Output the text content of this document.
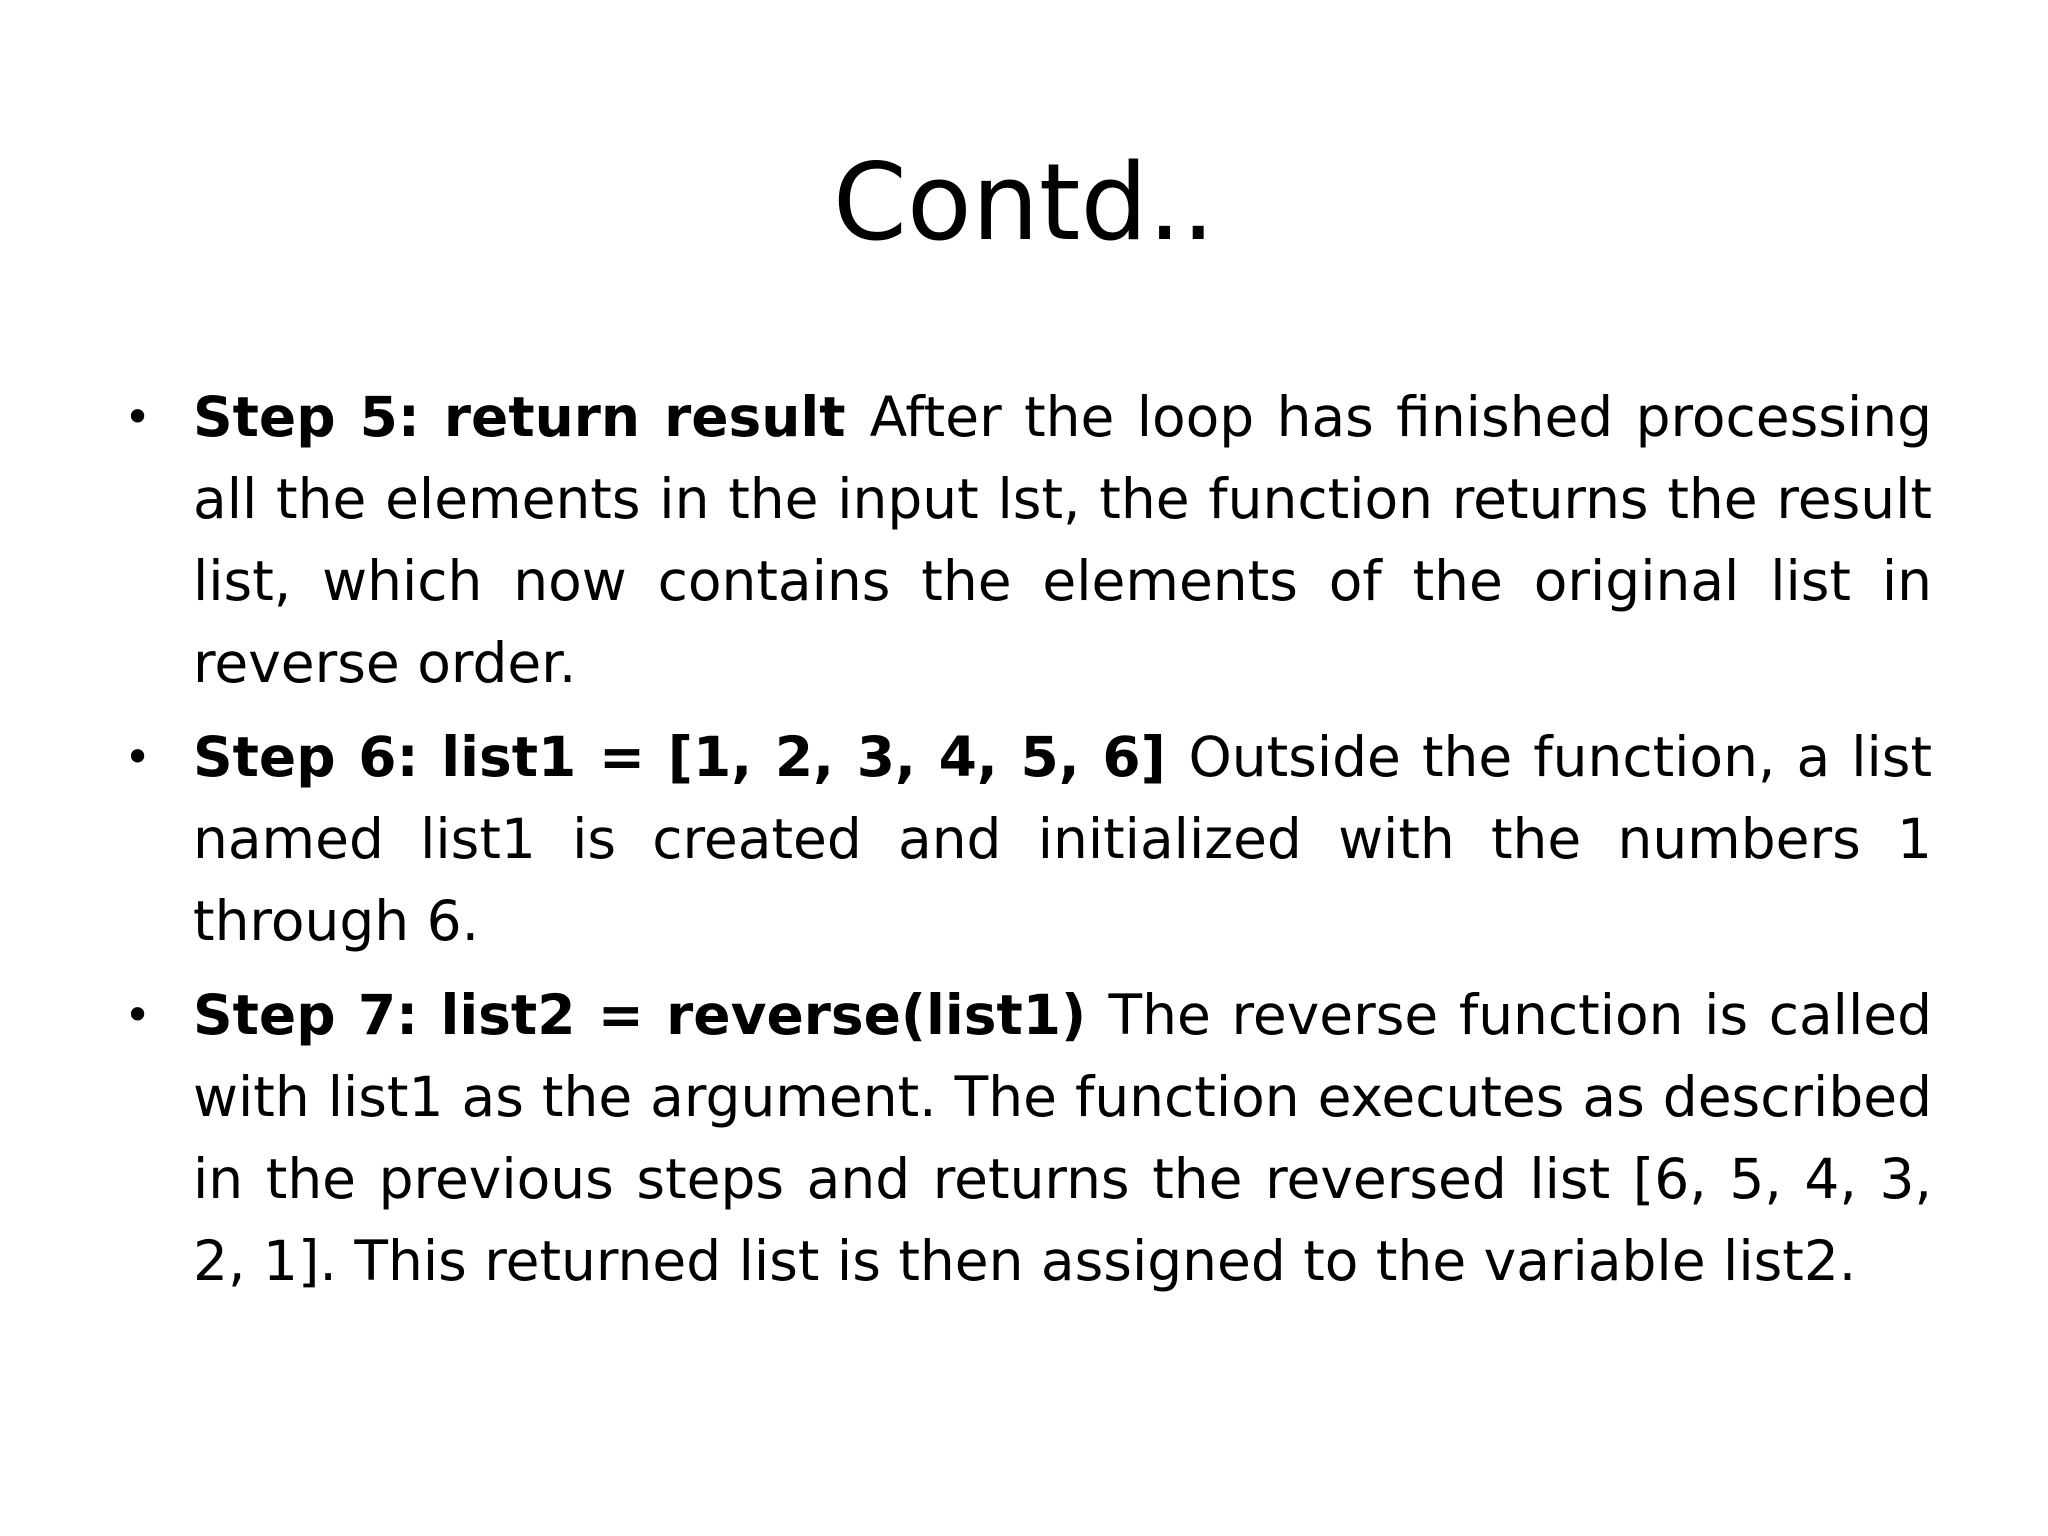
Contd..
• Step 5: return result After the loop has finished processing all the elements in the input lst, the function returns the result list, which now contains the elements of the original list in reverse order.
• Step 6: list1 = [1, 2, 3, 4, 5, 6] Outside the function, a list named list1 is created and initialized with the numbers 1 through 6.
• Step 7: list2 = reverse(list1) The reverse function is called with list1 as the argument. The function executes as described in the previous steps and returns the reversed list [6, 5, 4, 3, 2, 1]. This returned list is then assigned to the variable list2.
